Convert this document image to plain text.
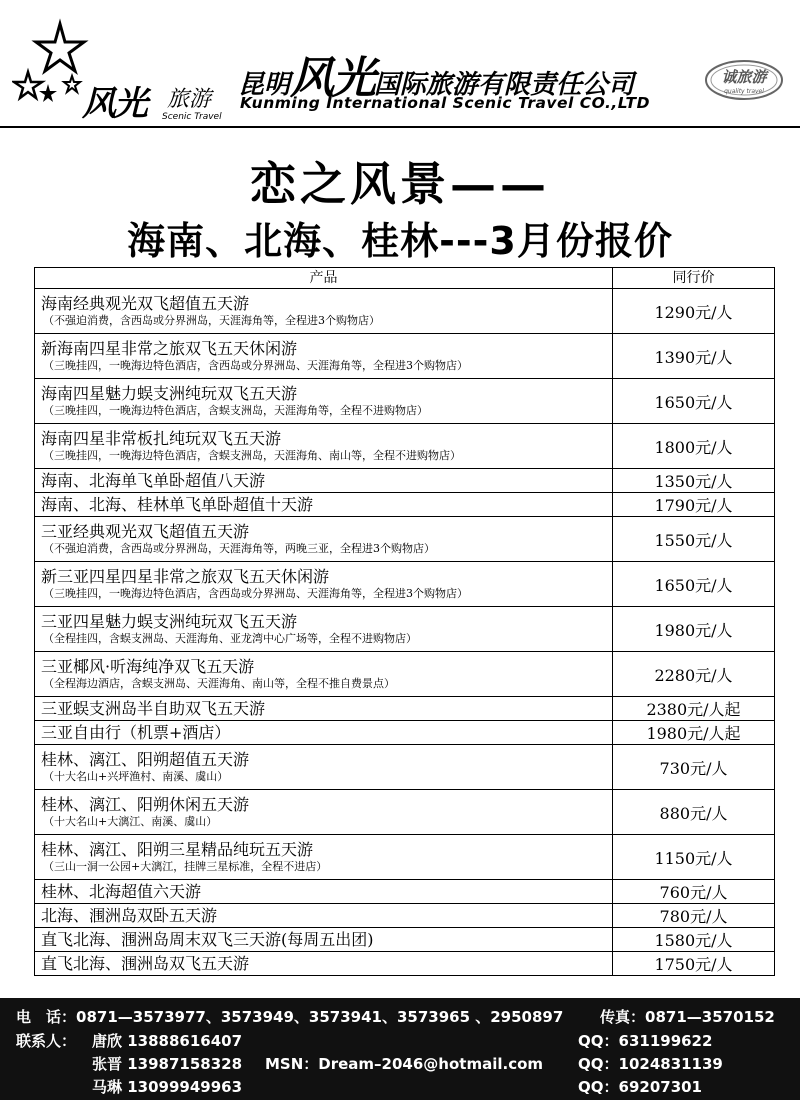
风光 旅游
Scenic Travel
昆明风光国际旅游有限责任公司
Kunming International Scenic Travel CO.,LTD
诚旅游
quality travel
恋之风景——
海南、北海、桂林---3月份报价
产品	同行价

海南经典观光双飞超值五天游
（不强迫消费，含西岛或分界洲岛，天涯海角等，全程进3个购物店）	1290元/人

新海南四星非常之旅双飞五天休闲游
（三晚挂四，一晚海边特色酒店，含西岛或分界洲岛、天涯海角等，全程进3个购物店）	1390元/人

海南四星魅力蜈支洲纯玩双飞五天游
（三晚挂四，一晚海边特色酒店，含蜈支洲岛，天涯海角等，全程不进购物店）	1650元/人

海南四星非常板扎纯玩双飞五天游
（三晚挂四，一晚海边特色酒店，含蜈支洲岛，天涯海角、南山等，全程不进购物店）	1800元/人

海南、北海单飞单卧超值八天游	1350元/人

海南、北海、桂林单飞单卧超值十天游	1790元/人

三亚经典观光双飞超值五天游
（不强迫消费，含西岛或分界洲岛，天涯海角等，两晚三亚，全程进3个购物店）	1550元/人

新三亚四星四星非常之旅双飞五天休闲游
（三晚挂四，一晚海边特色酒店，含西岛或分界洲岛、天涯海角等，全程进3个购物店）	1650元/人

三亚四星魅力蜈支洲纯玩双飞五天游
（全程挂四，含蜈支洲岛、天涯海角、亚龙湾中心广场等，全程不进购物店）	1980元/人

三亚椰风·听海纯净双飞五天游
（全程海边酒店，含蜈支洲岛、天涯海角、南山等，全程不推自费景点）	2280元/人

三亚蜈支洲岛半自助双飞五天游	2380元/人起

三亚自由行（机票+酒店）	1980元/人起

桂林、漓江、阳朔超值五天游
（十大名山+兴坪渔村、南溪、虞山）	730元/人

桂林、漓江、阳朔休闲五天游
（十大名山+大漓江、南溪、虞山）	880元/人

桂林、漓江、阳朔三星精品纯玩五天游
（三山一洞一公园+大漓江，挂牌三星标准，全程不进店）	1150元/人

桂林、北海超值六天游	760元/人

北海、涠洲岛双卧五天游	780元/人

直飞北海、涠洲岛周末双飞三天游(每周五出团)	1580元/人

直飞北海、涠洲岛双飞五天游	1750元/人
电　话：0871—3573977、3573949、3573941、3573965 、2950897 传真：0871—3570152
联系人： 唐欣 13888616407	QQ：631199622
张晋 13987158328 MSN：Dream–2046@hotmail.com QQ：1024831139
马琳 13099949963	QQ：69207301
